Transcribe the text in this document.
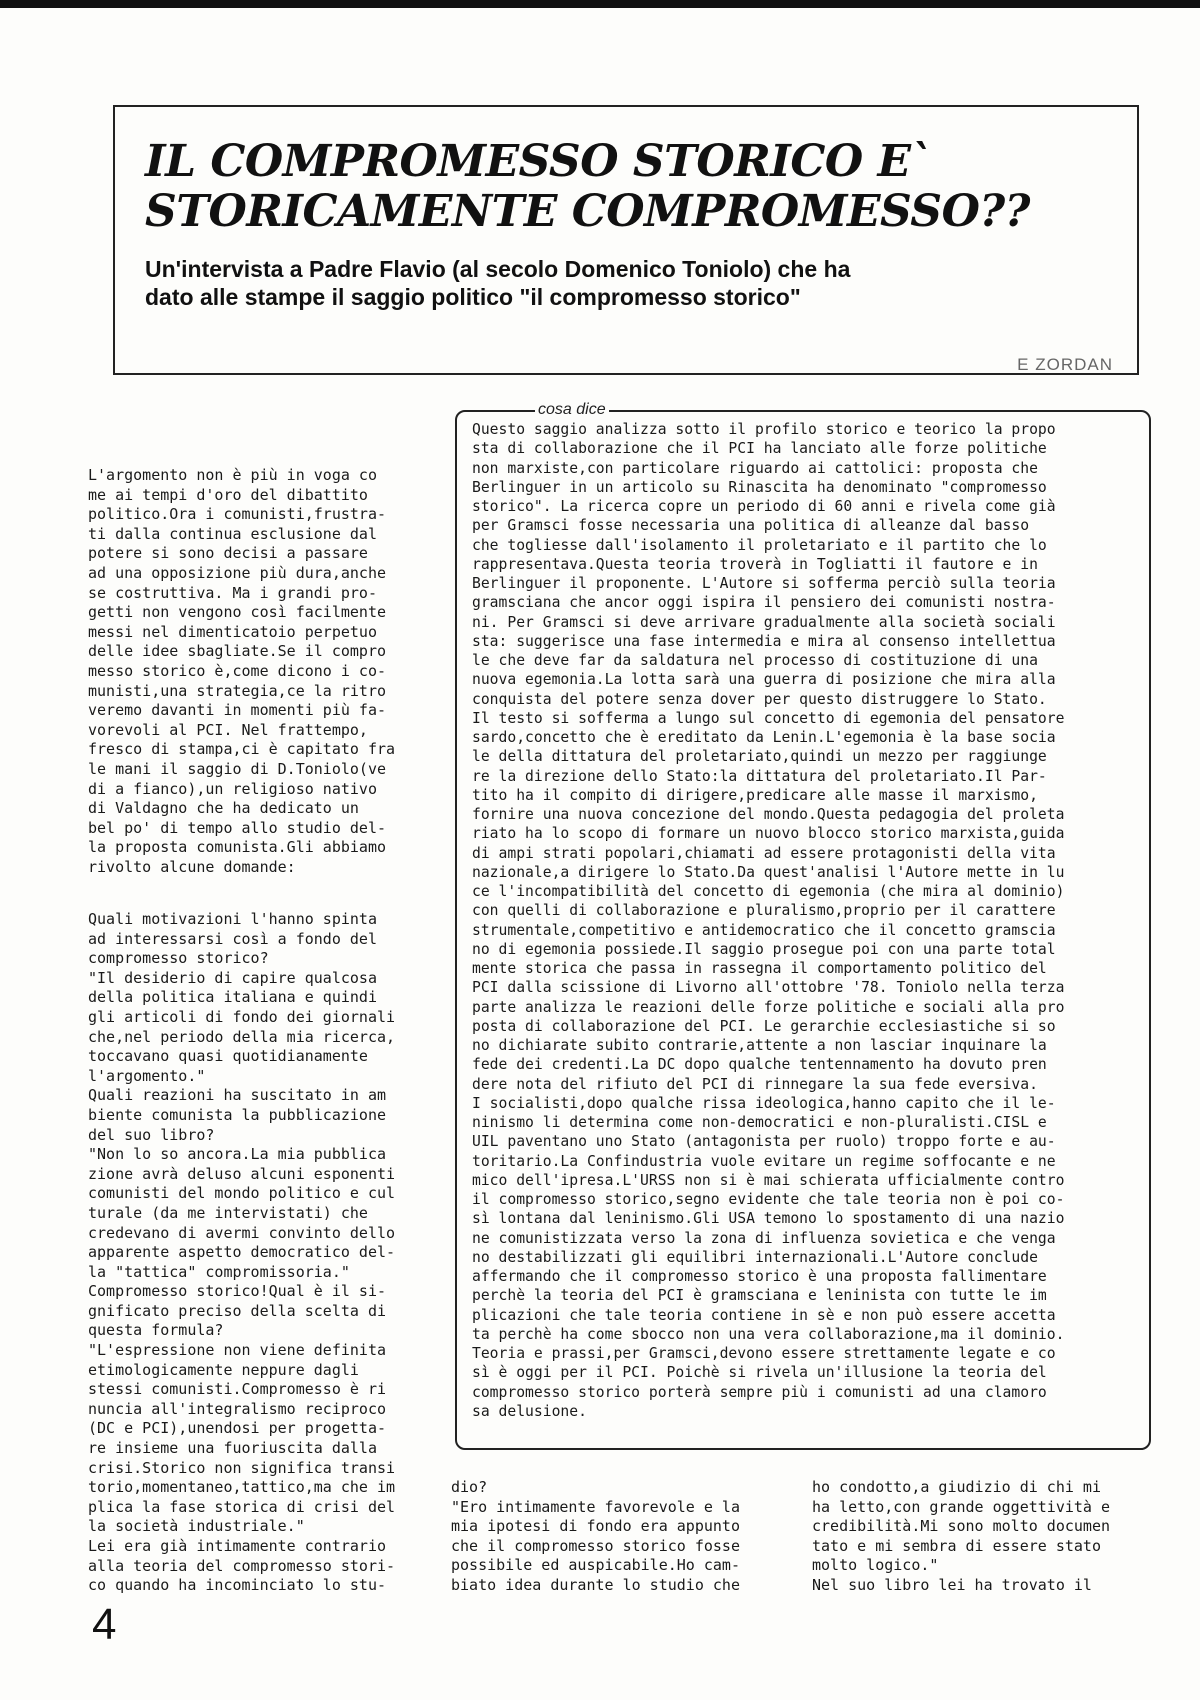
IL COMPROMESSO STORICO E`
STORICAMENTE COMPROMESSO??
Un'intervista a Padre Flavio (al secolo Domenico Toniolo) che ha
dato alle stampe il saggio politico "il compromesso storico"
E ZORDAN
L'argomento non è più in voga co
me ai tempi d'oro del dibattito
politico.Ora i comunisti,frustra-
ti dalla continua esclusione dal
potere si sono decisi a passare
ad una opposizione più dura,anche
se costruttiva. Ma i grandi pro-
getti non vengono così facilmente
messi nel dimenticatoio perpetuo
delle idee sbagliate.Se il compro
messo storico è,come dicono i co-
munisti,una strategia,ce la ritro
veremo davanti in momenti più fa-
vorevoli al PCI. Nel frattempo,
fresco di stampa,ci è capitato fra
le mani il saggio di D.Toniolo(ve
di a fianco),un religioso nativo
di Valdagno che ha dedicato un
bel po' di tempo allo studio del-
la proposta comunista.Gli abbiamo
rivolto alcune domande:
Quali motivazioni l'hanno spinta
ad interessarsi così a fondo del
compromesso storico?
"Il desiderio di capire qualcosa
della politica italiana e quindi
gli articoli di fondo dei giornali
che,nel periodo della mia ricerca,
toccavano quasi quotidianamente
l'argomento."
Quali reazioni ha suscitato in am
biente comunista la pubblicazione
del suo libro?
"Non lo so ancora.La mia pubblica
zione avrà deluso alcuni esponenti
comunisti del mondo politico e cul
turale (da me intervistati) che
credevano di avermi convinto dello
apparente aspetto democratico del-
la "tattica" compromissoria."
Compromesso storico!Qual è il si-
gnificato preciso della scelta di
questa formula?
"L'espressione non viene definita
etimologicamente neppure dagli
stessi comunisti.Compromesso è ri
nuncia all'integralismo reciproco
(DC e PCI),unendosi per progetta-
re insieme una fuoriuscita dalla
crisi.Storico non significa transi
torio,momentaneo,tattico,ma che im
plica la fase storica di crisi del
la società industriale."
Lei era già intimamente contrario
alla teoria del compromesso stori-
co quando ha incominciato lo stu-
cosa dice
Questo saggio analizza sotto il profilo storico e teorico la propo
sta di collaborazione che il PCI ha lanciato alle forze politiche
non marxiste,con particolare riguardo ai cattolici: proposta che
Berlinguer in un articolo su Rinascita ha denominato "compromesso
storico". La ricerca copre un periodo di 60 anni e rivela come già
per Gramsci fosse necessaria una politica di alleanze dal basso
che togliesse dall'isolamento il proletariato e il partito che lo
rappresentava.Questa teoria troverà in Togliatti il fautore e in
Berlinguer il proponente. L'Autore si sofferma perciò sulla teoria
gramsciana che ancor oggi ispira il pensiero dei comunisti nostra-
ni. Per Gramsci si deve arrivare gradualmente alla società sociali
sta: suggerisce una fase intermedia e mira al consenso intellettua
le che deve far da saldatura nel processo di costituzione di una
nuova egemonia.La lotta sarà una guerra di posizione che mira alla
conquista del potere senza dover per questo distruggere lo Stato.
Il testo si sofferma a lungo sul concetto di egemonia del pensatore
sardo,concetto che è ereditato da Lenin.L'egemonia è la base socia
le della dittatura del proletariato,quindi un mezzo per raggiunge
re la direzione dello Stato:la dittatura del proletariato.Il Par-
tito ha il compito di dirigere,predicare alle masse il marxismo,
fornire una nuova concezione del mondo.Questa pedagogia del proleta
riato ha lo scopo di formare un nuovo blocco storico marxista,guida
di ampi strati popolari,chiamati ad essere protagonisti della vita
nazionale,a dirigere lo Stato.Da quest'analisi l'Autore mette in lu
ce l'incompatibilità del concetto di egemonia (che mira al dominio)
con quelli di collaborazione e pluralismo,proprio per il carattere
strumentale,competitivo e antidemocratico che il concetto gramscia
no di egemonia possiede.Il saggio prosegue poi con una parte total
mente storica che passa in rassegna il comportamento politico del
PCI dalla scissione di Livorno all'ottobre '78. Toniolo nella terza
parte analizza le reazioni delle forze politiche e sociali alla pro
posta di collaborazione del PCI. Le gerarchie ecclesiastiche si so
no dichiarate subito contrarie,attente a non lasciar inquinare la
fede dei credenti.La DC dopo qualche tentennamento ha dovuto pren
dere nota del rifiuto del PCI di rinnegare la sua fede eversiva.
I socialisti,dopo qualche rissa ideologica,hanno capito che il le-
ninismo li determina come non-democratici e non-pluralisti.CISL e
UIL paventano uno Stato (antagonista per ruolo) troppo forte e au-
toritario.La Confindustria vuole evitare un regime soffocante e ne
mico dell'ipresa.L'URSS non si è mai schierata ufficialmente contro
il compromesso storico,segno evidente che tale teoria non è poi co-
sì lontana dal leninismo.Gli USA temono lo spostamento di una nazio
ne comunistizzata verso la zona di influenza sovietica e che venga
no destabilizzati gli equilibri internazionali.L'Autore conclude
affermando che il compromesso storico è una proposta fallimentare
perchè la teoria del PCI è gramsciana e leninista con tutte le im
plicazioni che tale teoria contiene in sè e non può essere accetta
ta perchè ha come sbocco non una vera collaborazione,ma il dominio.
Teoria e prassi,per Gramsci,devono essere strettamente legate e co
sì è oggi per il PCI. Poichè si rivela un'illusione la teoria del
compromesso storico porterà sempre più i comunisti ad una clamoro
sa delusione.
dio?
"Ero intimamente favorevole e la
mia ipotesi di fondo era appunto
che il compromesso storico fosse
possibile ed auspicabile.Ho cam-
biato idea durante lo studio che
ho condotto,a giudizio di chi mi
ha letto,con grande oggettività e
credibilità.Mi sono molto documen
tato e mi sembra di essere stato
molto logico."
Nel suo libro lei ha trovato il
4
